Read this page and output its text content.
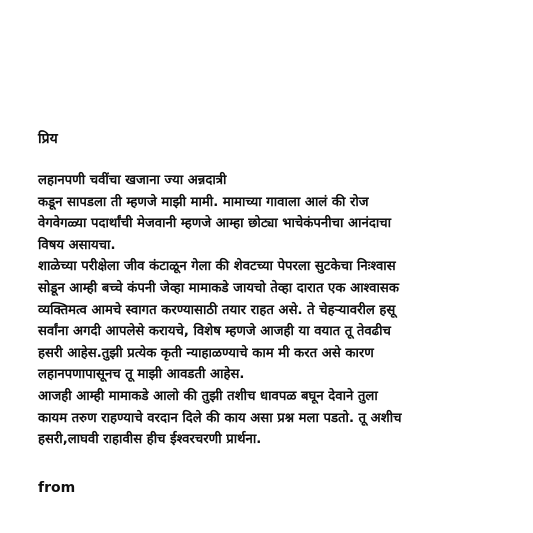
प्रिय

लहानपणी चवींचा खजाना ज्या अन्नदात्री

कडून सापडला ती म्हणजे माझी मामी. मामाच्या गावाला आलं की रोज

वेगवेगळ्या पदार्थांची मेजवानी म्हणजे आम्हा छोट्या भाचेकंपनीचा आनंदाचा

विषय असायचा.

शाळेच्या परीक्षेला जीव कंटाळून गेला की शेवटच्या पेपरला सुटकेचा निःश्वास

सोडून आम्ही बच्चे कंपनी जेव्हा मामाकडे जायचो तेव्हा दारात एक आश्वासक

व्यक्तिमत्व आमचे स्वागत करण्यासाठी तयार राहत असे. ते चेहऱ्यावरील हसू

सर्वांना अगदी आपलेसे करायचे, विशेष म्हणजे आजही या वयात तू तेवढीच

हसरी आहेस.तुझी प्रत्येक कृती न्याहाळण्याचे काम मी करत असे कारण

लहानपणापासूनच तू माझी आवडती आहेस.

आजही आम्ही मामाकडे आलो की तुझी तशीच धावपळ बघून देवाने तुला

कायम तरुण राहण्याचे वरदान दिले की काय असा प्रश्न मला पडतो. तू अशीच

हसरी,लाघवी राहावीस हीच ईश्वरचरणी प्रार्थना.

from
